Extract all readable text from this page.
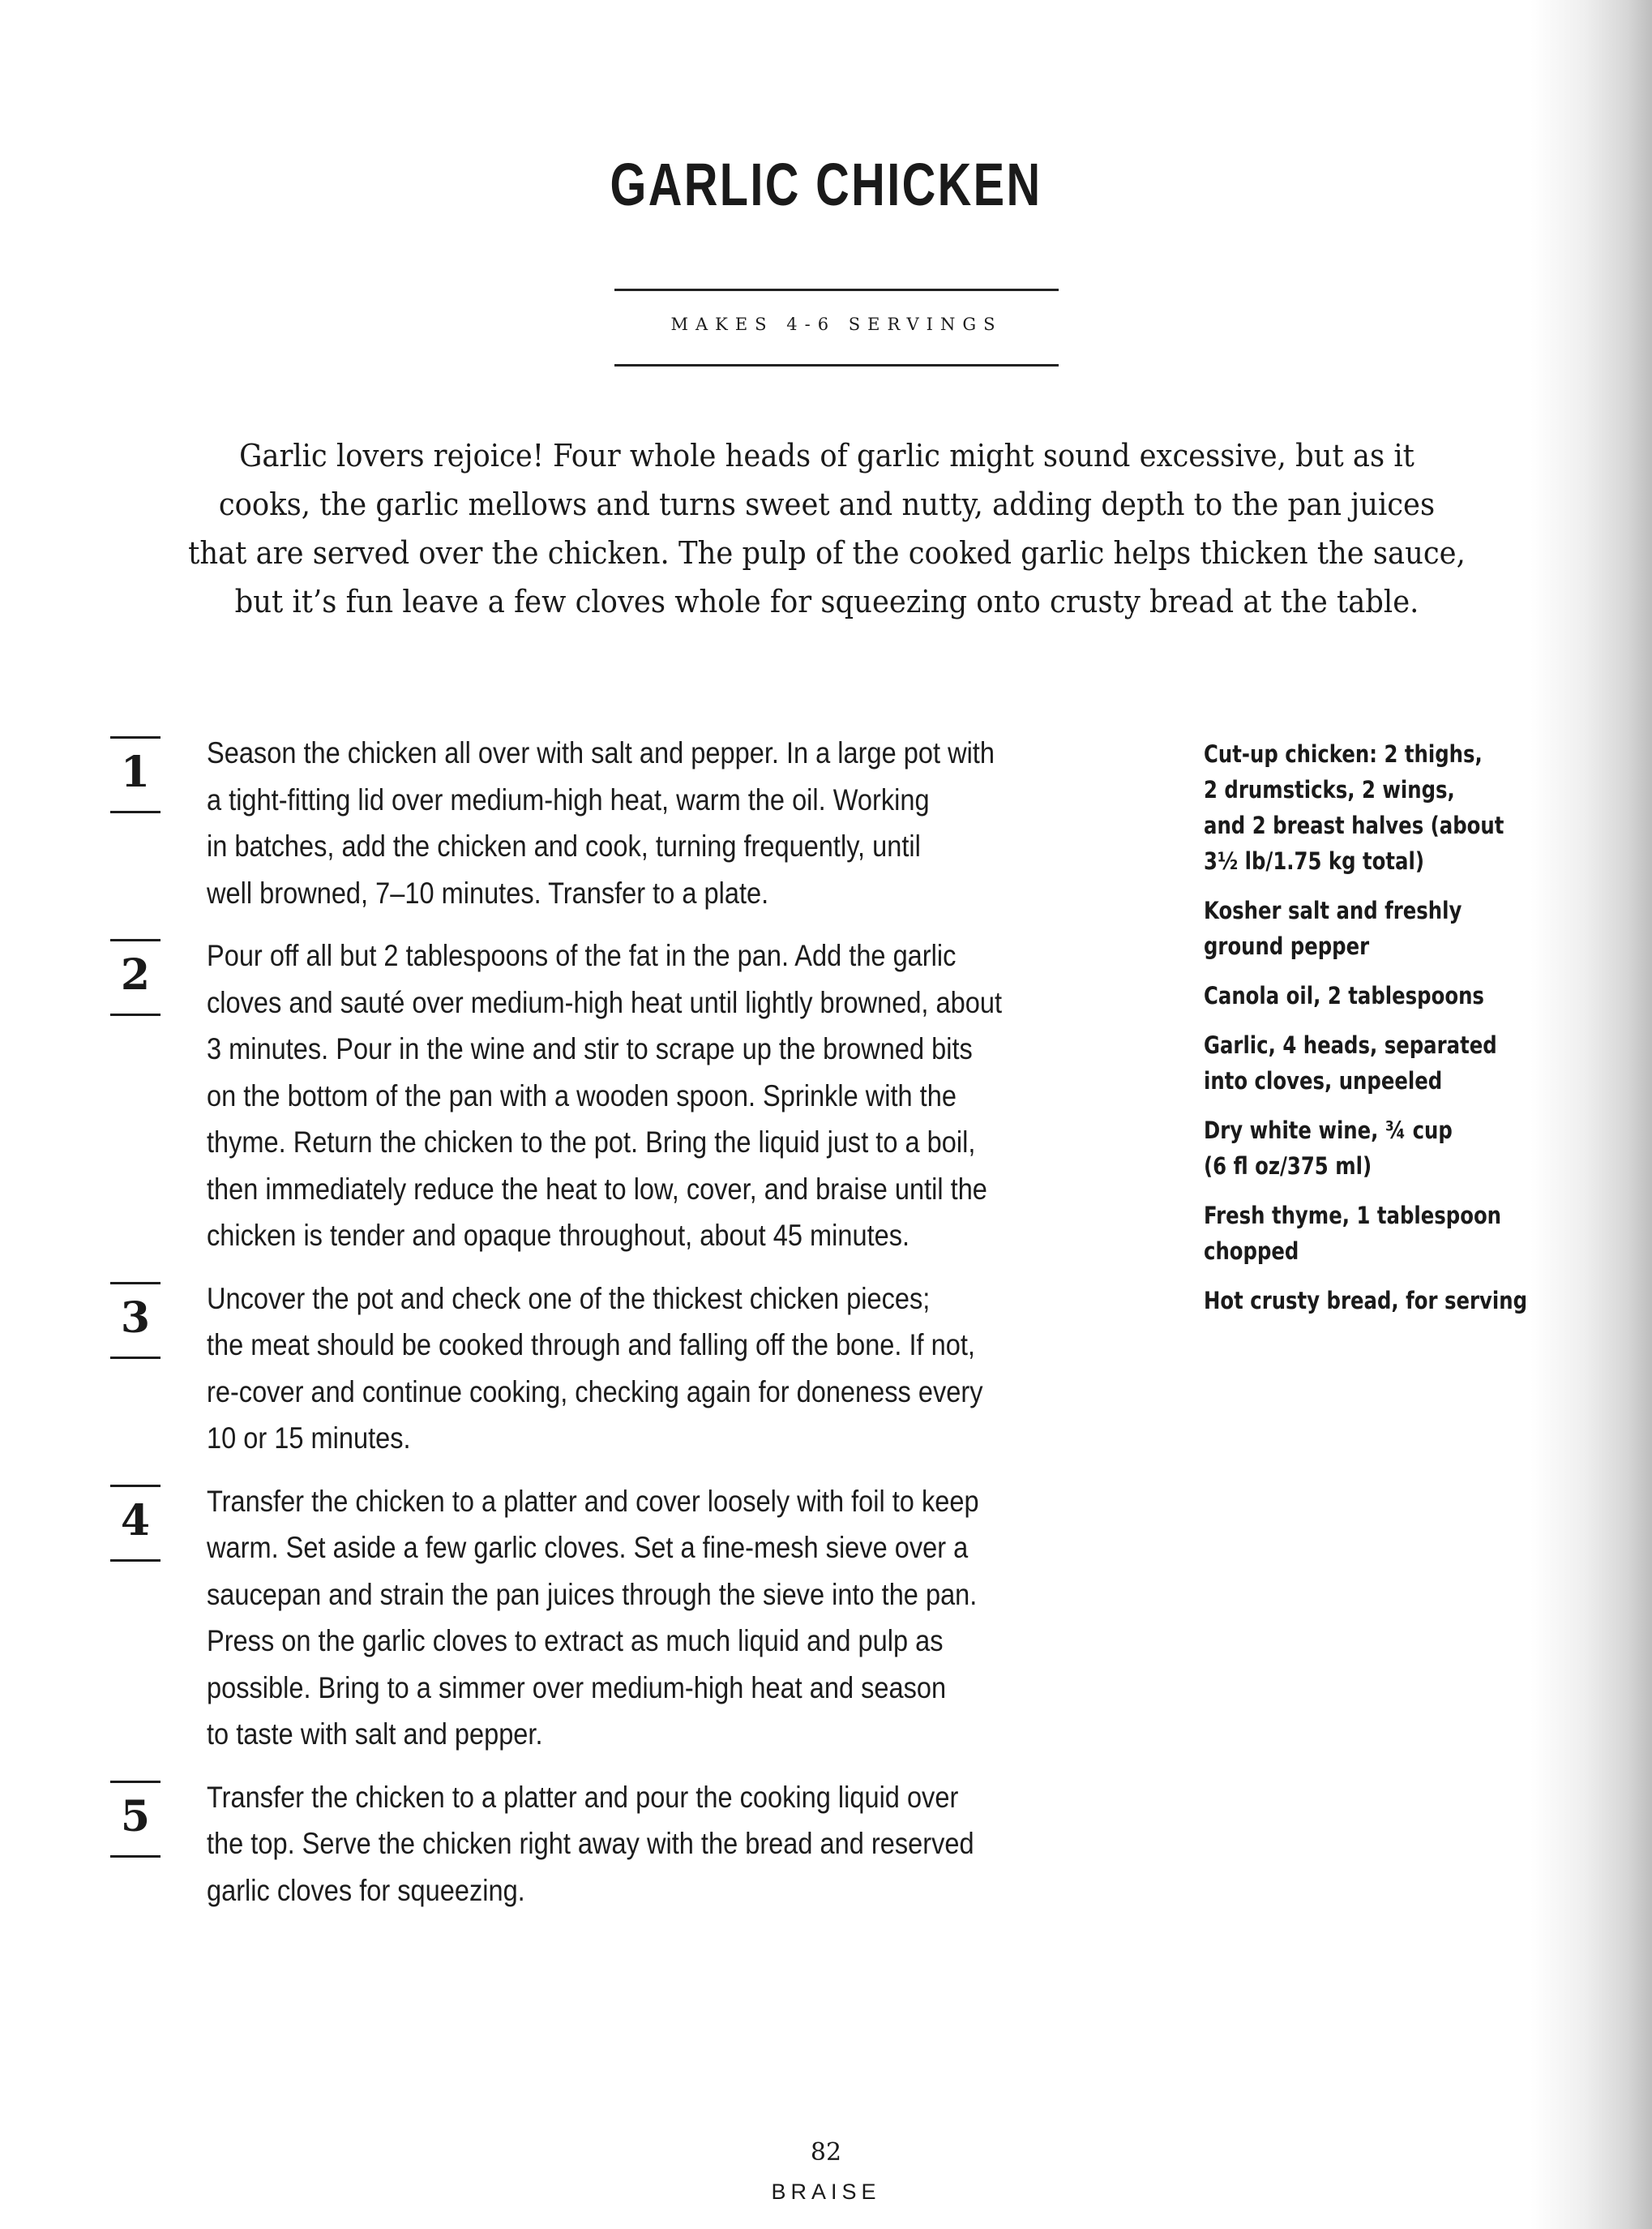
GARLIC CHICKEN
MAKES 4-6 SERVINGS
Garlic lovers rejoice! Four whole heads of garlic might sound excessive, but as it
cooks, the garlic mellows and turns sweet and nutty, adding depth to the pan juices
that are served over the chicken. The pulp of the cooked garlic helps thicken the sauce,
but it’s fun leave a few cloves whole for squeezing onto crusty bread at the table.
1	Season the chicken all over with salt and pepper. In a large pot with
a tight-fitting lid over medium-high heat, warm the oil. Working
in batches, add the chicken and cook, turning frequently, until
well browned, 7–10 minutes. Transfer to a plate.
2	Pour off all but 2 tablespoons of the fat in the pan. Add the garlic
cloves and sauté over medium-high heat until lightly browned, about
3 minutes. Pour in the wine and stir to scrape up the browned bits
on the bottom of the pan with a wooden spoon. Sprinkle with the
thyme. Return the chicken to the pot. Bring the liquid just to a boil,
then immediately reduce the heat to low, cover, and braise until the
chicken is tender and opaque throughout, about 45 minutes.
3	Uncover the pot and check one of the thickest chicken pieces;
the meat should be cooked through and falling off the bone. If not,
re-cover and continue cooking, checking again for doneness every
10 or 15 minutes.
4	Transfer the chicken to a platter and cover loosely with foil to keep
warm. Set aside a few garlic cloves. Set a fine-mesh sieve over a
saucepan and strain the pan juices through the sieve into the pan.
Press on the garlic cloves to extract as much liquid and pulp as
possible. Bring to a simmer over medium-high heat and season
to taste with salt and pepper.
5	Transfer the chicken to a platter and pour the cooking liquid over
the top. Serve the chicken right away with the bread and reserved
garlic cloves for squeezing.
Cut-up chicken: 2 thighs,
2 drumsticks, 2 wings,
and 2 breast halves (about
3½ lb/1.75 kg total)
Kosher salt and freshly
ground pepper
Canola oil, 2 tablespoons
Garlic, 4 heads, separated
into cloves, unpeeled
Dry white wine, ¾ cup
(6 fl oz/375 ml)
Fresh thyme, 1 tablespoon
chopped
Hot crusty bread, for serving
82
BRAISE
